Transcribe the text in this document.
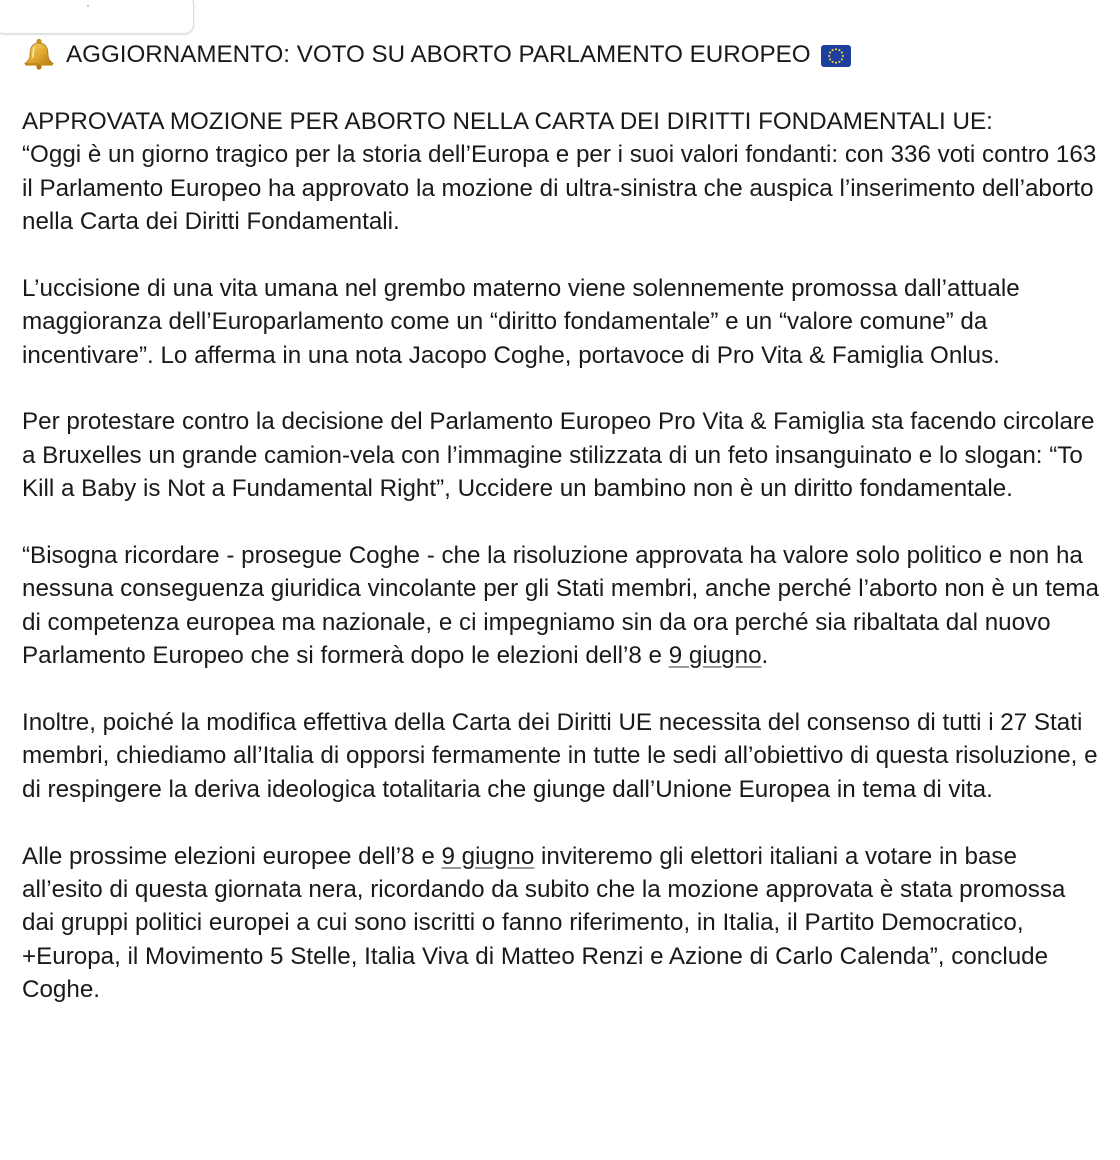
AGGIORNAMENTO: VOTO SU ABORTO PARLAMENTO EUROPEO

APPROVATA MOZIONE PER ABORTO NELLA CARTA DEI DIRITTI FONDAMENTALI UE:
“Oggi è un giorno tragico per la storia dell’Europa e per i suoi valori fondanti: con 336 voti contro 163 il Parlamento Europeo ha approvato la mozione di ultra-sinistra che auspica l’inserimento dell’aborto nella Carta dei Diritti Fondamentali.

L’uccisione di una vita umana nel grembo materno viene solennemente promossa dall’attuale maggioranza dell’Europarlamento come un “diritto fondamentale” e un “valore comune” da incentivare”. Lo afferma in una nota Jacopo Coghe, portavoce di Pro Vita & Famiglia Onlus.

Per protestare contro la decisione del Parlamento Europeo Pro Vita & Famiglia sta facendo circolare a Bruxelles un grande camion-vela con l’immagine stilizzata di un feto insanguinato e lo slogan: “To Kill a Baby is Not a Fundamental Right”, Uccidere un bambino non è un diritto fondamentale.

“Bisogna ricordare - prosegue Coghe - che la risoluzione approvata ha valore solo politico e non ha nessuna conseguenza giuridica vincolante per gli Stati membri, anche perché l’aborto non è un tema di competenza europea ma nazionale, e ci impegniamo sin da ora perché sia ribaltata dal nuovo Parlamento Europeo che si formerà dopo le elezioni dell’8 e 9 giugno.

Inoltre, poiché la modifica effettiva della Carta dei Diritti UE necessita del consenso di tutti i 27 Stati membri, chiediamo all’Italia di opporsi fermamente in tutte le sedi all’obiettivo di questa risoluzione, e di respingere la deriva ideologica totalitaria che giunge dall’Unione Europea in tema di vita.

Alle prossime elezioni europee dell’8 e 9 giugno inviteremo gli elettori italiani a votare in base all’esito di questa giornata nera, ricordando da subito che la mozione approvata è stata promossa dai gruppi politici europei a cui sono iscritti o fanno riferimento, in Italia, il Partito Democratico, +Europa, il Movimento 5 Stelle, Italia Viva di Matteo Renzi e Azione di Carlo Calenda”, conclude Coghe.
